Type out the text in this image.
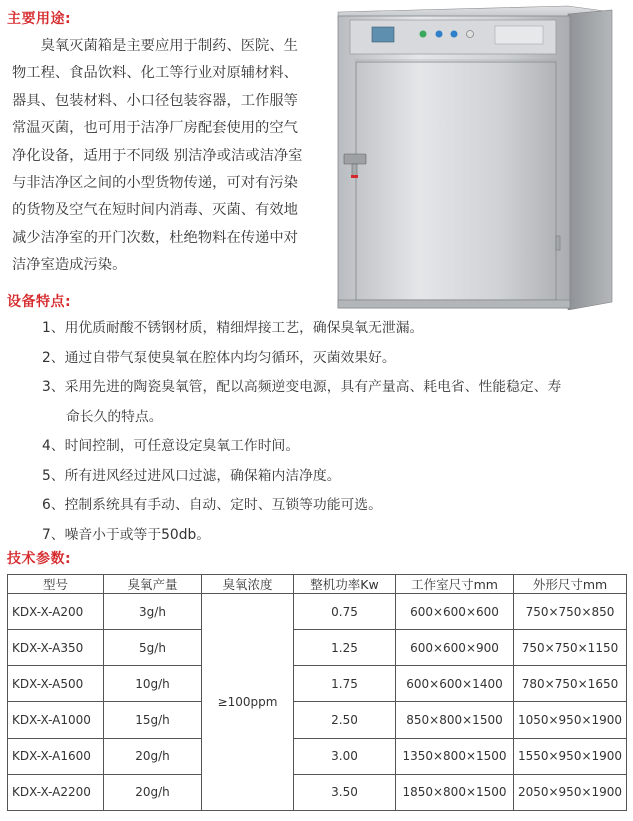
主要用途:

　　臭氧灭菌箱是主要应用于制药、医院、生

物工程、食品饮料、化工等行业对原辅材料、

器具、包装材料、小口径包装容器，工作服等

常温灭菌，也可用于洁净厂房配套使用的空气

净化设备，适用于不同级 别洁净或洁或洁净室

与非洁净区之间的小型货物传递，可对有污染

的货物及空气在短时间内消毒、灭菌、有效地

减少洁净室的开门次数，杜绝物料在传递中对

洁净室造成污染。

设备特点:
1、用优质耐酸不锈钢材质，精细焊接工艺，确保臭氧无泄漏。
2、通过自带气泵使臭氧在腔体内均匀循环，灭菌效果好。
3、采用先进的陶瓷臭氧管，配以高频逆变电源，具有产量高、耗电省、性能稳定、寿
命长久的特点。
4、时间控制，可任意设定臭氧工作时间。
5、所有进风经过进风口过滤，确保箱内洁净度。
6、控制系统具有手动、自动、定时、互锁等功能可选。
7、噪音小于或等于50db。
技术参数:
型号	臭氧产量	臭氧浓度	整机功率Kw	工作室尺寸mm	外形尺寸mm
KDX-X-A200	3g/h	≥100ppm	0.75	600×600×600	750×750×850
KDX-X-A350	5g/h		1.25	600×600×900	750×750×1150
KDX-X-A500	10g/h		1.75	600×600×1400	780×750×1650
KDX-X-A1000	15g/h		2.50	850×800×1500	1050×950×1900
KDX-X-A1600	20g/h		3.00	1350×800×1500	1550×950×1900
KDX-X-A2200	20g/h		3.50	1850×800×1500	2050×950×1900
